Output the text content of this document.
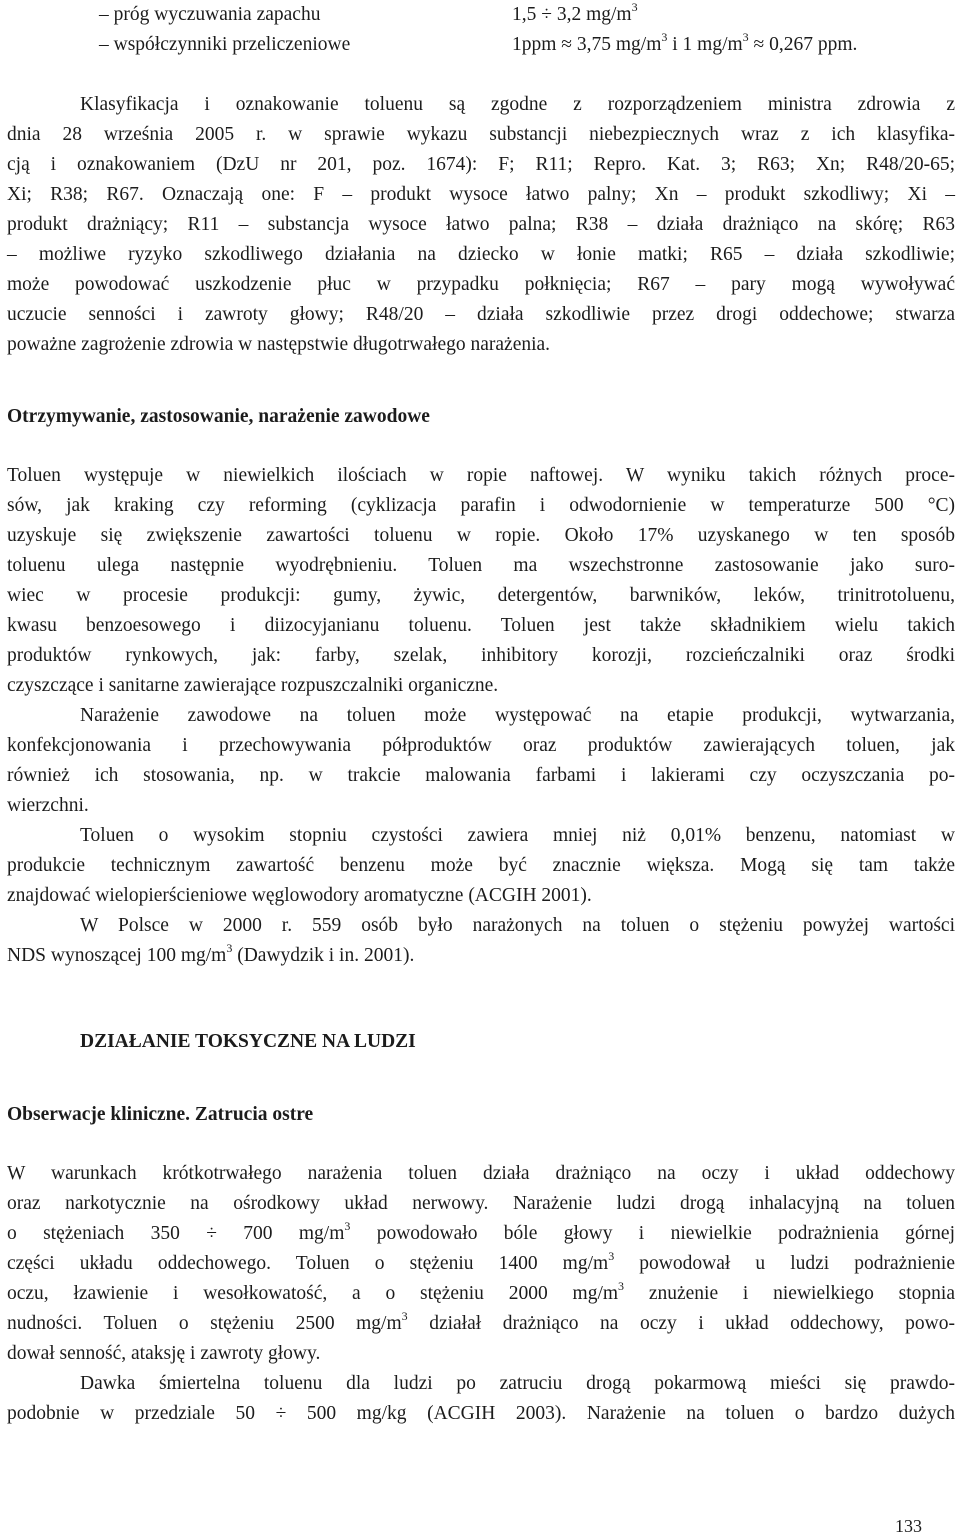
– próg wyczuwania zapachu	1,5 ÷ 3,2 $mg/m^3$
– współczynniki przeliczeniowe	1ppm ≈ 3,75 $mg/m^3$ i 1 $mg/m^3 \approx 0,267$ ppm.
Klasyfikacja i oznakowanie toluenu są zgodne z rozporządzeniem ministra zdrowia z
dnia 28 września 2005 r. w sprawie wykazu substancji niebezpiecznych wraz z ich klasyfika-
cją i oznakowaniem (DzU nr 201, poz. 1674): F; R11; Repro. Kat. 3; R63; Xn; R48/20-65;
Xi; R38; R67. Oznaczają one: F – produkt wysoce łatwo palny; Xn – produkt szkodliwy; Xi –
produkt drażniący; R11 – substancja wysoce łatwo palna; R38 – działa drażniąco na skórę; R63
– możliwe ryzyko szkodliwego działania na dziecko w łonie matki; R65 – działa szkodliwie;
może powodować uszkodzenie płuc w przypadku połknięcia; R67 – pary mogą wywoływać
uczucie senności i zawroty głowy; R48/20 – działa szkodliwie przez drogi oddechowe; stwarza
poważne zagrożenie zdrowia w następstwie długotrwałego narażenia.
Otrzymywanie, zastosowanie, narażenie zawodowe
Toluen występuje w niewielkich ilościach w ropie naftowej. W wyniku takich różnych proce-
sów, jak kraking czy reforming (cyklizacja parafin i odwodornienie w temperaturze 500 °C)
uzyskuje się zwiększenie zawartości toluenu w ropie. Około 17% uzyskanego w ten sposób
toluenu ulega następnie wyodrębnieniu. Toluen ma wszechstronne zastosowanie jako suro-
wiec w procesie produkcji: gumy, żywic, detergentów, barwników, leków, trinitrotoluenu,
kwasu benzoesowego i diizocyjanianu toluenu. Toluen jest także składnikiem wielu takich
produktów rynkowych, jak: farby, szelak, inhibitory korozji, rozcieńczalniki oraz środki
czyszczące i sanitarne zawierające rozpuszczalniki organiczne.
Narażenie zawodowe na toluen może występować na etapie produkcji, wytwarzania,
konfekcjonowania i przechowywania półproduktów oraz produktów zawierających toluen, jak
również ich stosowania, np. w trakcie malowania farbami i lakierami czy oczyszczania po-
wierzchni.
Toluen o wysokim stopniu czystości zawiera mniej niż 0,01% benzenu, natomiast w
produkcie technicznym zawartość benzenu może być znacznie większa. Mogą się tam także
znajdować wielopierścieniowe węglowodory aromatyczne (ACGIH 2001).
W Polsce w 2000 r. 559 osób było narażonych na toluen o stężeniu powyżej wartości
NDS wynoszącej 100 $mg/m^3$ (Dawydzik i in. 2001).
DZIAŁANIE TOKSYCZNE NA LUDZI
Obserwacje kliniczne. Zatrucia ostre
W warunkach krótkotrwałego narażenia toluen działa drażniąco na oczy i układ oddechowy
oraz narkotycznie na ośrodkowy układ nerwowy. Narażenie ludzi drogą inhalacyjną na toluen
o stężeniach 350 ÷ 700 $mg/m^3$ powodowało bóle głowy i niewielkie podrażnienia górnej
części układu oddechowego. Toluen o stężeniu 1400 $mg/m^3$ powodował u ludzi podrażnienie
oczu, łzawienie i wesołkowatość, a o stężeniu 2000 $mg/m^3$ znużenie i niewielkiego stopnia
nudności. Toluen o stężeniu 2500 $mg/m^3$ działał drażniąco na oczy i układ oddechowy, powo-
dował senność, ataksję i zawroty głowy.
Dawka śmiertelna toluenu dla ludzi po zatruciu drogą pokarmową mieści się prawdo-
podobnie w przedziale 50 ÷ 500 mg/kg (ACGIH 2003). Narażenie na toluen o bardzo dużych
133
